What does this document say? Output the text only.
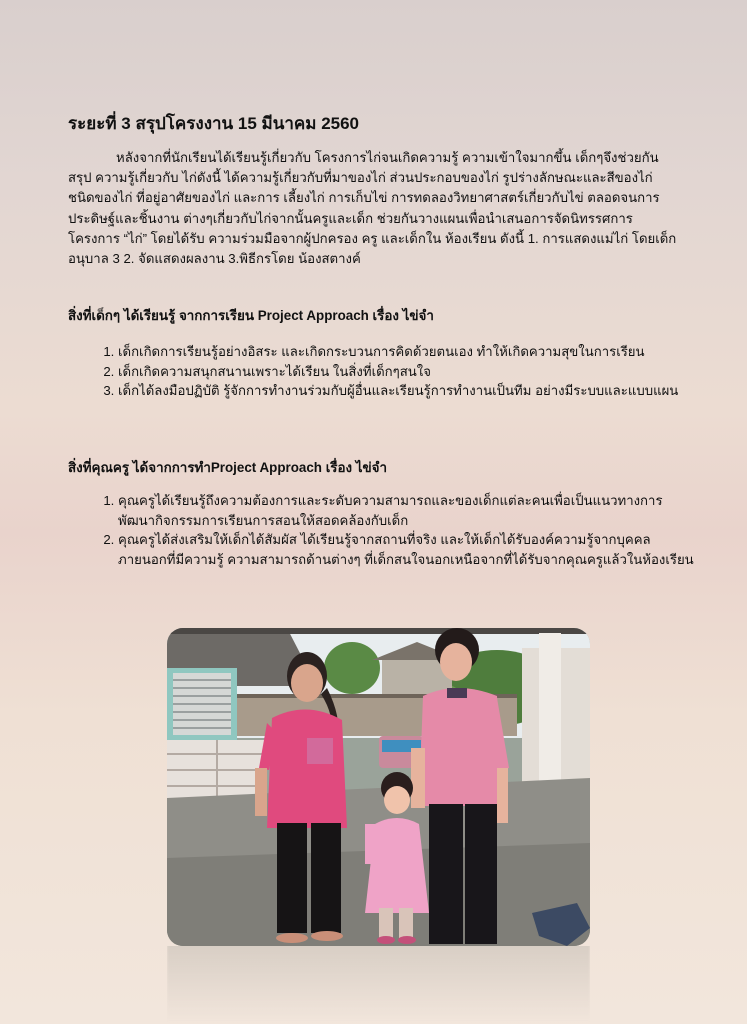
ระยะที่ 3 สรุปโครงงาน 15 มีนาคม 2560

หลังจากที่นักเรียนได้เรียนรู้เกี่ยวกับ โครงการไก่จนเกิดความรู้ ความเข้าใจมากขึ้น เด็กๆจึงช่วยกันสรุป ความรู้เกี่ยวกับ ไก่ดังนี้ ได้ความรู้เกี่ยวกับที่มาของไก่ ส่วนประกอบของไก่ รูปร่างลักษณะและสีของไก่ ชนิดของไก่ ที่อยู่อาศัยของไก่ และการ เลี้ยงไก่ การเก็บไข่ การทดลองวิทยาศาสตร์เกี่ยวกับไข่ ตลอดจนการประดิษฐ์และชิ้นงาน ต่างๆเกี่ยวกับไก่จากนั้นครูและเด็ก ช่วยกันวางแผนเพื่อนำเสนอการจัดนิทรรศการ โครงการ “ไก่” โดยได้รับ ความร่วมมือจากผู้ปกครอง ครู และเด็กใน ห้องเรียน ดังนี้ 1. การแสดงแม่ไก่ โดยเด็กอนุบาล 3 2. จัดแสดงผลงาน 3.พิธีกรโดย น้องสตางค์

สิ่งที่เด็กๆ ได้เรียนรู้ จากการเรียน Project Approach เรื่อง ไข่จำ
1. เด็กเกิดการเรียนรู้อย่างอิสระ และเกิดกระบวนการคิดด้วยตนเอง ทำให้เกิดความสุขในการเรียน
2. เด็กเกิดความสนุกสนานเพราะได้เรียน ในสิ่งที่เด็กๆสนใจ
3. เด็กได้ลงมือปฏิบัติ รู้จักการทำงานร่วมกับผู้อื่นและเรียนรู้การทำงานเป็นทีม อย่างมีระบบและแบบแผน
สิ่งที่คุณครู ได้จากการทำProject Approach เรื่อง ไข่จำ
1. คุณครูได้เรียนรู้ถึงความต้องการและระดับความสามารถและของเด็กแต่ละคนเพื่อเป็นแนวทางการพัฒนากิจกรรมการเรียนการสอนให้สอดคล้องกับเด็ก
2. คุณครูได้ส่งเสริมให้เด็กได้สัมผัส ได้เรียนรู้จากสถานที่จริง และให้เด็กได้รับองค์ความรู้จากบุคคลภายนอกที่มีความรู้ ความสามารถด้านต่างๆ ที่เด็กสนใจนอกเหนือจากที่ได้รับจากคุณครูแล้วในห้องเรียน
